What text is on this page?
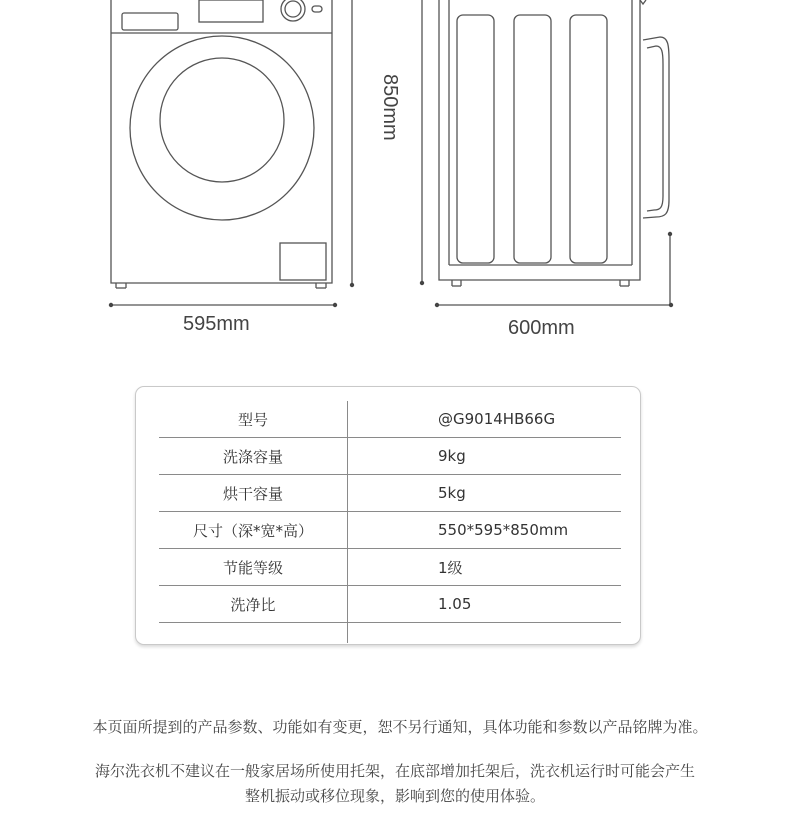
595mm	600mm
850mm
型号	@G9014HB66G
洗涤容量	9kg
烘干容量	5kg
尺寸（深*宽*高）	550*595*850mm
节能等级	1级
洗净比	1.05
本页面所提到的产品参数、功能如有变更，恕不另行通知，具体功能和参数以产品铭牌为准。
海尔洗衣机不建议在一般家居场所使用托架，在底部增加托架后，洗衣机运行时可能会产生
整机振动或移位现象，影响到您的使用体验。
